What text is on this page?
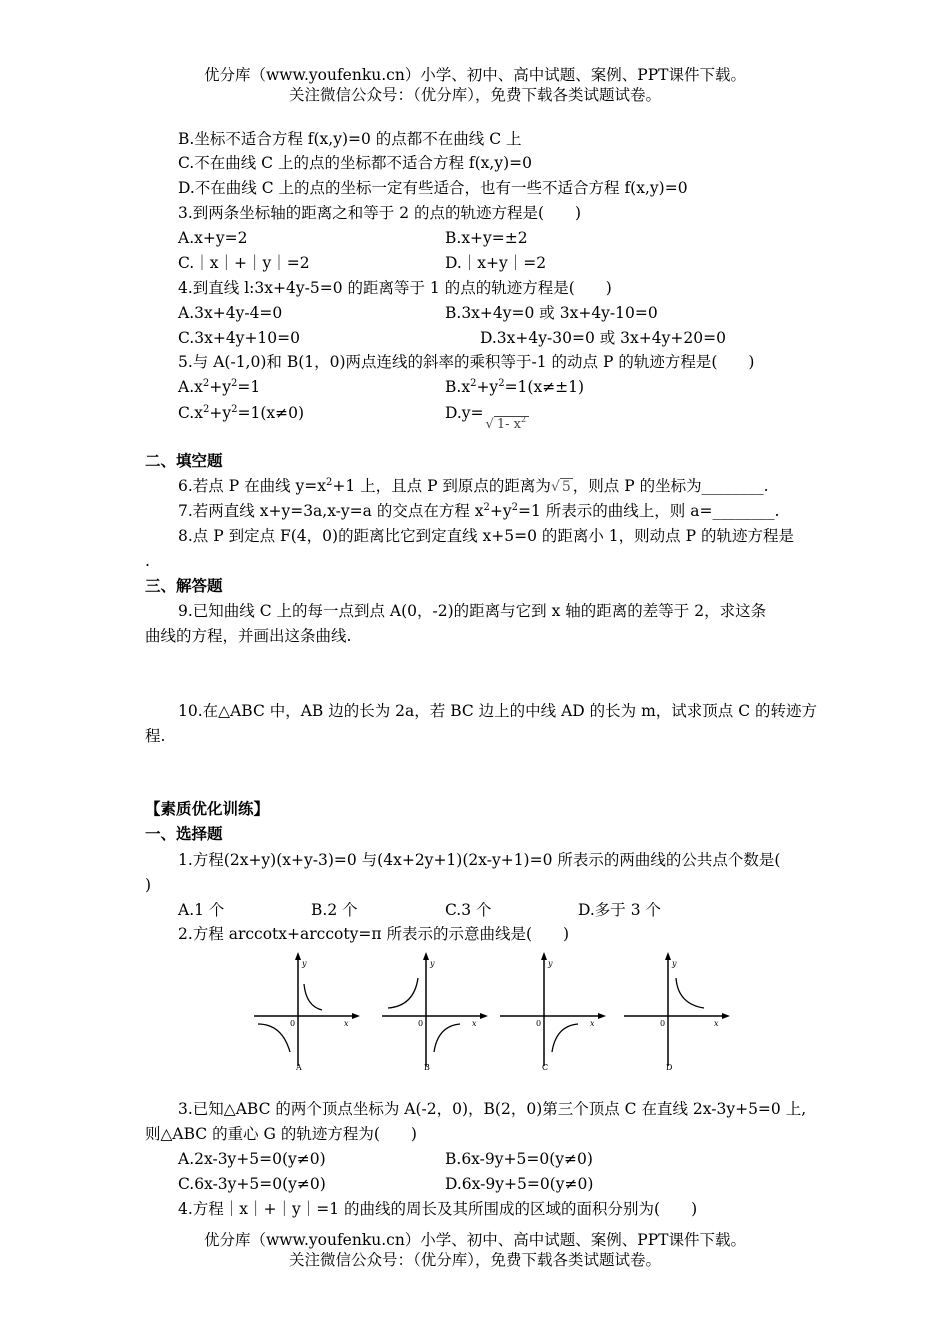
优分库（www.youfenku.cn）小学、初中、高中试题、案例、PPT课件下载。
关注微信公众号：（优分库），免费下载各类试题试卷。
B.坐标不适合方程 f(x,y)=0 的点都不在曲线 C 上
C.不在曲线 C 上的点的坐标都不适合方程 f(x,y)=0
D.不在曲线 C 上的点的坐标一定有些适合，也有一些不适合方程 f(x,y)=0
3.到两条坐标轴的距离之和等于 2 的点的轨迹方程是(　　)
A.x+y=2	B.x+y=±2
C.｜x｜+｜y｜=2	D.｜x+y｜=2
4.到直线 l:3x+4y-5=0 的距离等于 1 的点的轨迹方程是(　　)
A.3x+4y-4=0	B.3x+4y=0 或 3x+4y-10=0
C.3x+4y+10=0	D.3x+4y-30=0 或 3x+4y+20=0
5.与 A(-1,0)和 B(1，0)两点连线的斜率的乘积等于-1 的动点 P 的轨迹方程是(　　)
$A.x^2+y^2=1$	$B.x^2+y^2=1(x\ne\pm 1)$
$C.x^2+y^2=1(x\ne 0)$	D.y=√ 1- $x^2$
二、填空题
6.若点 P 在曲线 $y=x^2+1$ 上，且点 P 到原点的距离为√ 5 ，则点 P 的坐标为________.
7.若两直线 x+y=3a,x-y=a 的交点在方程 $x^2+y^2=1$ 所表示的曲线上，则 a=________.
8.点 P 到定点 F(4，0)的距离比它到定直线 x+5=0 的距离小 1，则动点 P 的轨迹方程是
.
三、解答题
9.已知曲线 C 上的每一点到点 A(0，-2)的距离与它到 x 轴的距离的差等于 2，求这条
曲线的方程，并画出这条曲线.
10.在△ABC 中，AB 边的长为 2a，若 BC 边上的中线 AD 的长为 m，试求顶点 C 的转迹方
程.
【素质优化训练】
一、选择题
1.方程(2x+y)(x+y-3)=0 与(4x+2y+1)(2x-y+1)=0 所表示的两曲线的公共点个数是(
)
A.1 个	B.2 个	C.3 个	D.多于 3 个
2.方程 arccotx+arccoty=π 所表示的示意曲线是(　　)
y
x
0
A
y
x
0
B
y
x
0
C
y
x
0
D
3.已知△ABC 的两个顶点坐标为 A(-2，0)，B(2，0)第三个顶点 C 在直线 2x-3y+5=0 上,
则△ABC 的重心 G 的轨迹方程为(　　)
A.2x-3y+5=0(y≠0)	B.6x-9y+5=0(y≠0)
C.6x-3y+5=0(y≠0)	D.6x-9y+5=0(y≠0)
4.方程｜x｜+｜y｜=1 的曲线的周长及其所围成的区域的面积分别为(　　)
优分库（www.youfenku.cn）小学、初中、高中试题、案例、PPT课件下载。
关注微信公众号：（优分库），免费下载各类试题试卷。
